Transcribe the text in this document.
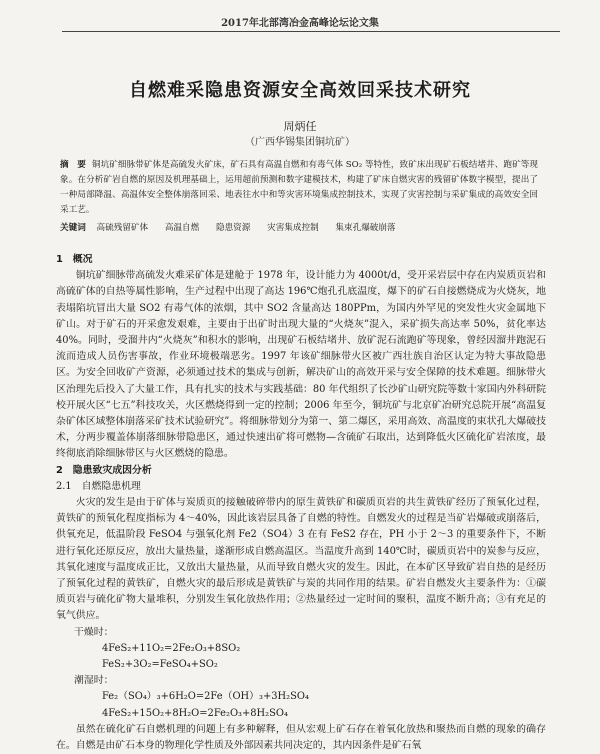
2017年北部湾冶金高峰论坛论文集
自燃难采隐患资源安全高效回采技术研究
周炳任
（广西华锡集团铜坑矿）
摘　要 铜坑矿细脉带矿体是高硫发火矿床，矿石具有高温自燃和有毒气体 SO₂ 等特性，致矿床出现矿石板结堵井、跑矿等现象。在分析矿岩自燃的原因及机理基础上，运用超前预测和数字建模技术，构建了矿床自燃灾害的残留矿体数字模型，提出了一种局部降温、高温体安全整体崩落回采、地表往水中和等灾害环境集成控制技术，实现了灾害控制与采矿集成的高效安全回采工艺。
关键词 高硫残留矿体 高温自燃 隐患资源 灾害集成控制 集束孔爆破崩落
1　概况

铜坑矿细脉带高硫发火难采矿体是建舱于 1978 年，设计能力为 4000t/d，受开采岩层中存在内炭质页岩和高硫矿体的自热等属性影响，生产过程中出现了高达 196℃炮孔孔底温度，爆下的矿石自接燃烧成为火烧灰，地表塌陷坑冒出大量 SO2 有毒气体的浓烟，其中 SO2 含量高达 180PPm，为国内外罕见的突发性火灾金属地下矿山。对于矿石的开采愈发艰难，主要由于出矿时出现大量的“火烧灰”混入，采矿损失高达率 50%，贫化率达 40%。同时，受溜井内“火烧灰”和积水的影响，出现矿石板结堵井、放矿泥石流跑矿等现象，曾经因溜井跑泥石流而造成人员伤害事故，作业环境极端恶劣。1997 年该矿细脉带火区被广西壮族自治区认定为特大事故隐患区。为安全回收矿产资源，必须通过技术的集成与创新，解决矿山的高效开采与安全保障的技术难题。细脉带火区治理先后投入了大量工作，具有扎实的技术与实践基础：80 年代组织了长沙矿山研究院等数十家国内外科研院校开展火区“七五”科技攻关，火区燃烧得到一定的控制；2006 年至今，铜坑矿与北京矿冶研究总院开展“高温复杂矿体区域整体崩落采矿技术试验研究”。将细脉带划分为第一、第二爆区，采用高效、高温度的束状孔大爆破技术，分两步覆盖体崩落细脉带隐患区，通过快速出矿将可燃物—含硫矿石取出，达到降低火区硫化矿岩浓度，最终彻底消除细脉带区与火区燃烧的隐患。

2　隐患致灾成因分析
2.1　自燃隐患机理

火灾的发生是由于矿体与炭质页的接触破碎带内的原生黄铁矿和碳质页岩的共生黄铁矿经历了预氧化过程，黄铁矿的预氧化程度指标为 4～40%，因此该岩层具备了自燃的特性。自燃发火的过程是当矿岩爆破或崩落后，供氧充足，低温阶段 FeSO4 与强氧化剂 Fe2（SO4）3 在有 FeS2 存在，PH 小于 2～3 的重要条件下，不断进行氧化还原反应，放出大量热量，遂渐形成自燃高温区。当温度升高到 140℃时，碳质页岩中的炭参与反应，其氧化速度与温度成正比，又放出大量热量，从而导致自燃火灾的发生。因此，在本矿区导致矿岩自热的是经历了预氧化过程的黄铁矿，自燃火灾的最后形成是黄铁矿与炭的共同作用的结果。矿岩自燃发火主要条件为：①碳质页岩与硫化矿物大量堆积，分别发生氧化放热作用；②热量经过一定时间的聚积，温度不断升高；③有充足的氧气供应。

干燥时：
4FeS₂+11O₂=2Fe₂O₃+8SO₂
FeS₂+3O₂=FeSO₄+SO₂
潮湿时：
Fe₂（SO₄）₃+6H₂O=2Fe（OH）₃+3H₂SO₄
4FeS₂+15O₂+8H₂O=2Fe₂O₃+8H₂SO₄

虽然在硫化矿石自燃机理的问题上有多种解释，但从宏观上矿石存在着氧化放热和聚热而自燃的现象的确存在。自燃是由矿石本身的物理化学性质及外部因素共同决定的，其内因条件是矿石氧
